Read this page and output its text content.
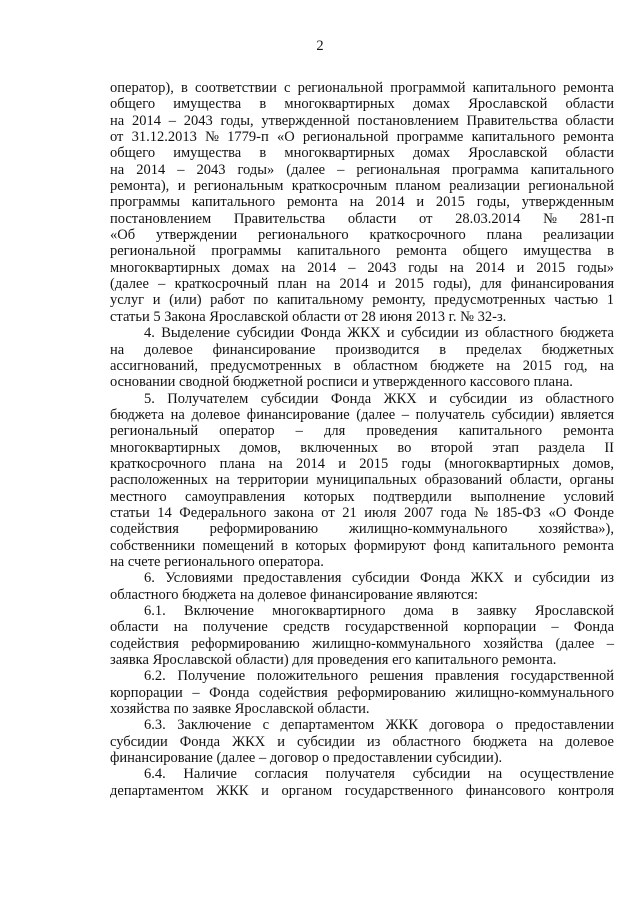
2
оператор), в соответствии с региональной программой капитального ремонта
общего имущества в многоквартирных домах Ярославской области
на 2014 – 2043 годы, утвержденной постановлением Правительства области
от 31.12.2013 № 1779-п «О региональной программе капитального ремонта
общего имущества в многоквартирных домах Ярославской области
на 2014 – 2043 годы» (далее – региональная программа капитального
ремонта), и региональным краткосрочным планом реализации региональной
программы капитального ремонта на 2014 и 2015 годы, утвержденным
постановлением Правительства области от 28.03.2014 № 281-п
«Об утверждении регионального краткосрочного плана реализации
региональной программы капитального ремонта общего имущества в
многоквартирных домах на 2014 – 2043 годы на 2014 и 2015 годы»
(далее – краткосрочный план на 2014 и 2015 годы), для финансирования
услуг и (или) работ по капитальному ремонту, предусмотренных частью 1
статьи 5 Закона Ярославской области от 28 июня 2013 г. № 32-з.
4. Выделение субсидии Фонда ЖКХ и субсидии из областного бюджета
на долевое финансирование производится в пределах бюджетных
ассигнований, предусмотренных в областном бюджете на 2015 год, на
основании сводной бюджетной росписи и утвержденного кассового плана.
5. Получателем субсидии Фонда ЖКХ и субсидии из областного
бюджета на долевое финансирование (далее – получатель субсидии) является
региональный оператор – для проведения капитального ремонта
многоквартирных домов, включенных во второй этап раздела II
краткосрочного плана на 2014 и 2015 годы (многоквартирных домов,
расположенных на территории муниципальных образований области, органы
местного самоуправления которых подтвердили выполнение условий
статьи 14 Федерального закона от 21 июля 2007 года № 185-ФЗ «О Фонде
содействия реформированию жилищно-коммунального хозяйства»),
собственники помещений в которых формируют фонд капитального ремонта
на счете регионального оператора.
6. Условиями предоставления субсидии Фонда ЖКХ и субсидии из
областного бюджета на долевое финансирование являются:
6.1. Включение многоквартирного дома в заявку Ярославской
области на получение средств государственной корпорации – Фонда
содействия реформированию жилищно-коммунального хозяйства (далее –
заявка Ярославской области) для проведения его капитального ремонта.
6.2. Получение положительного решения правления государственной
корпорации – Фонда содействия реформированию жилищно-коммунального
хозяйства по заявке Ярославской области.
6.3. Заключение с департаментом ЖКК договора о предоставлении
субсидии Фонда ЖКХ и субсидии из областного бюджета на долевое
финансирование (далее – договор о предоставлении субсидии).
6.4. Наличие согласия получателя субсидии на осуществление
департаментом ЖКК и органом государственного финансового контроля
